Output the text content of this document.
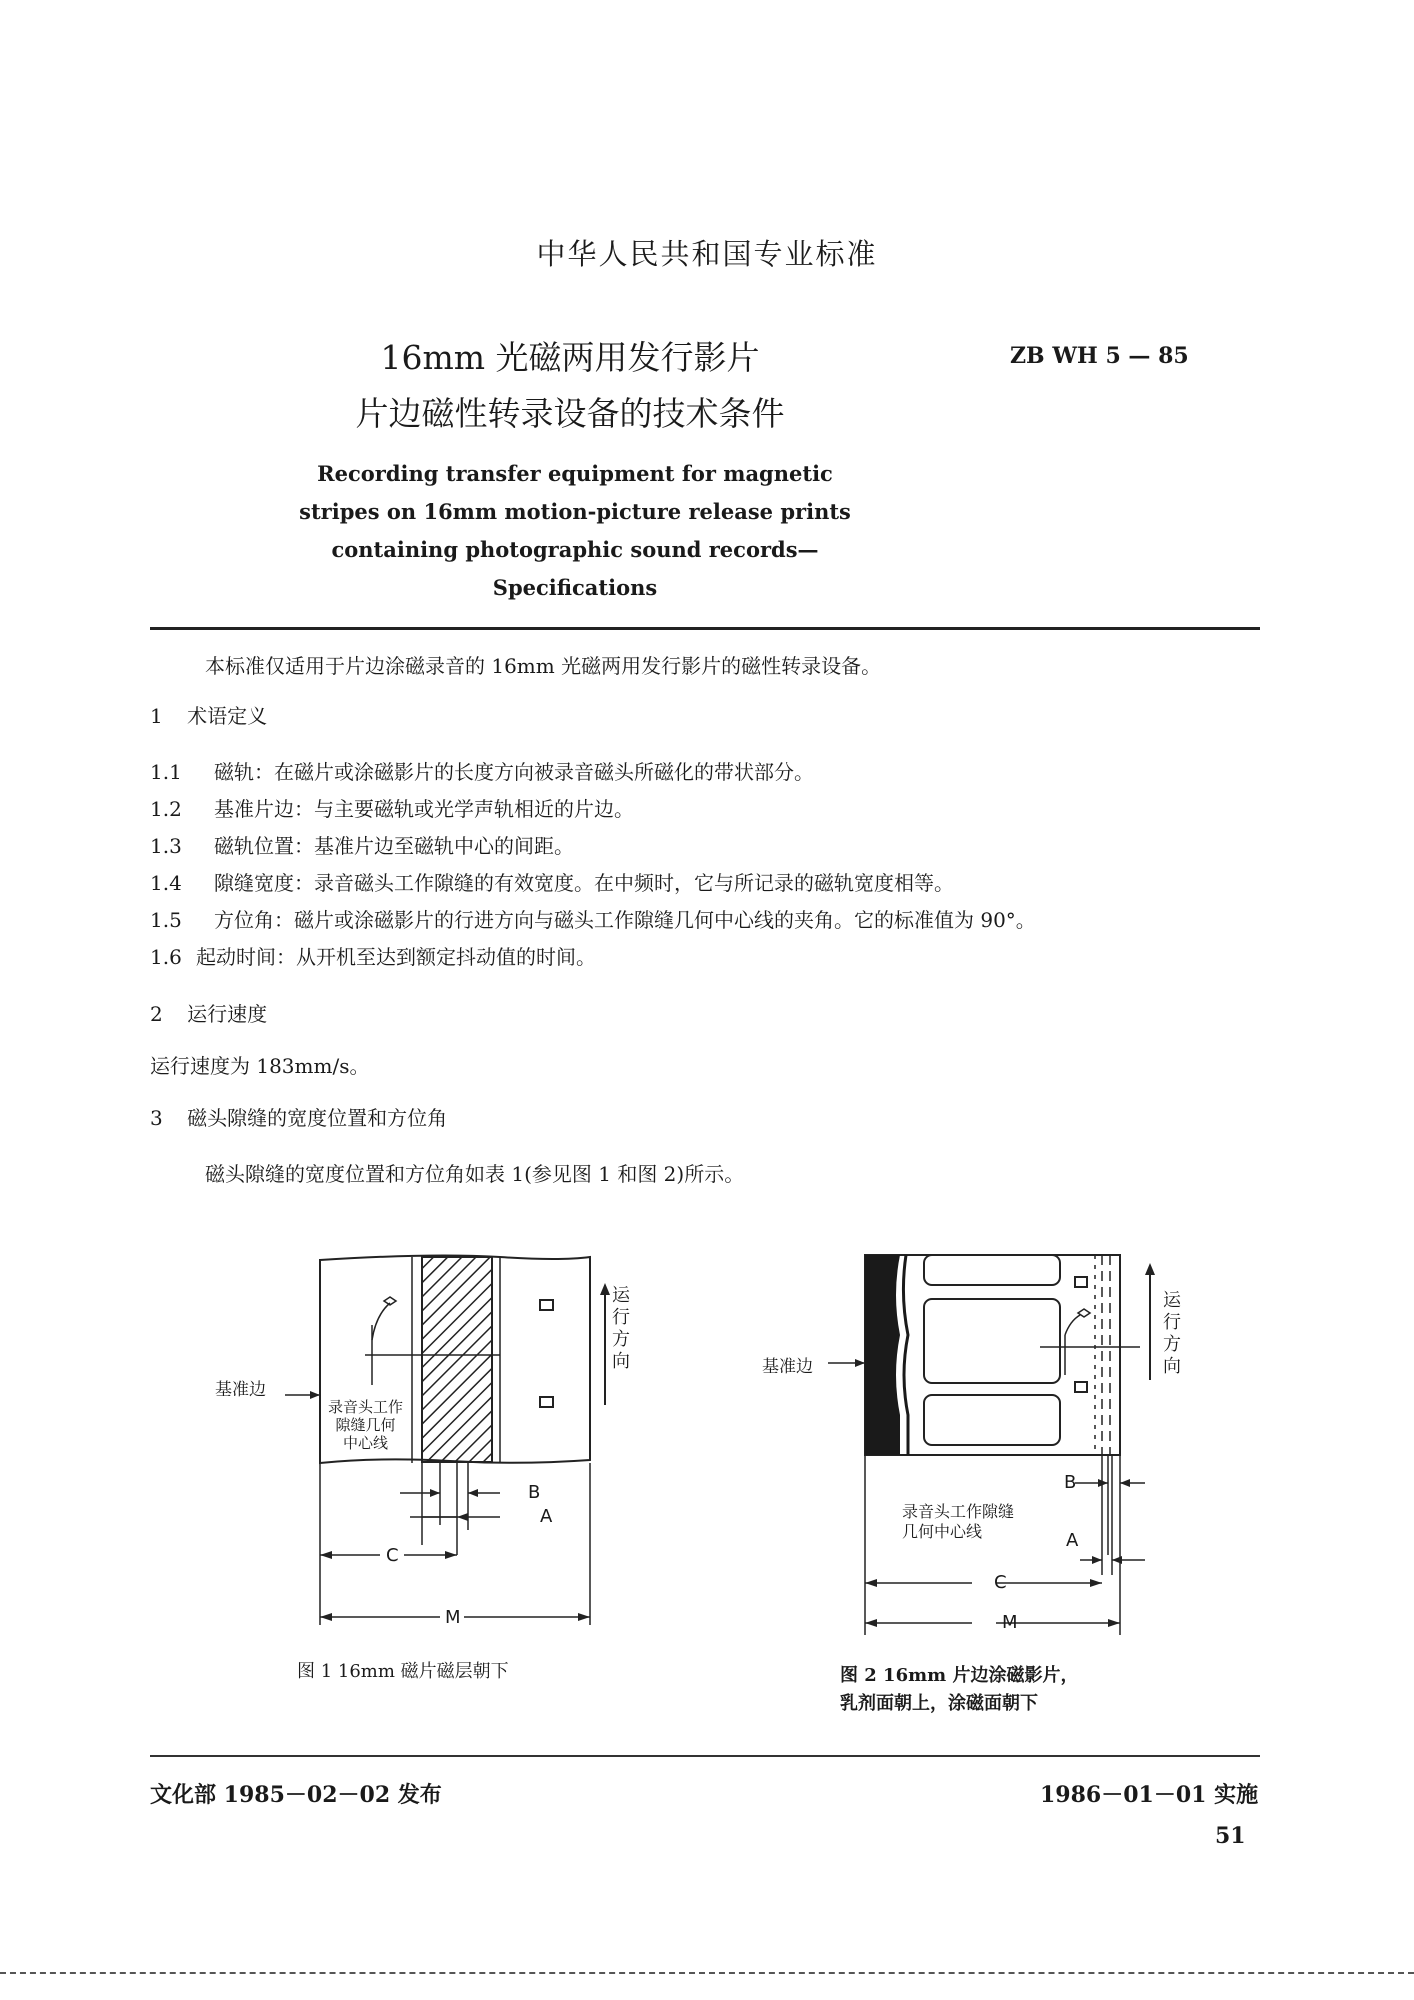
中华人民共和国专业标准
16mm 光磁两用发行影片
片边磁性转录设备的技术条件
ZB WH 5 — 85
Recording transfer equipment for magnetic
stripes on 16mm motion-picture release prints
containing photographic sound records—Specifications
本标准仅适用于片边涂磁录音的 16mm 光磁两用发行影片的磁性转录设备。
1 术语定义
1.1 磁轨：在磁片或涂磁影片的长度方向被录音磁头所磁化的带状部分。
1.2 基准片边：与主要磁轨或光学声轨相近的片边。
1.3 磁轨位置：基准片边至磁轨中心的间距。
1.4 隙缝宽度：录音磁头工作隙缝的有效宽度。在中频时，它与所记录的磁轨宽度相等。
1.5 方位角：磁片或涂磁影片的行进方向与磁头工作隙缝几何中心线的夹角。它的标准值为 90°。
1.6 起动时间：从开机至达到额定抖动值的时间。
2 运行速度
运行速度为 183mm/s。
3 磁头隙缝的宽度位置和方位角
磁头隙缝的宽度位置和方位角如表 1(参见图 1 和图 2)所示。
基准边
录音头工作
隙缝几何
中心线
运
行
方
向
B
A
C
M
图 1 16mm 磁片磁层朝下
基准边
录音头工作隙缝
几何中心线
运
行
方
向
B
A
C
M
图 2 16mm 片边涂磁影片，
乳剂面朝上，涂磁面朝下
文化部 1985－02－02 发布	1986－01－01 实施
51
